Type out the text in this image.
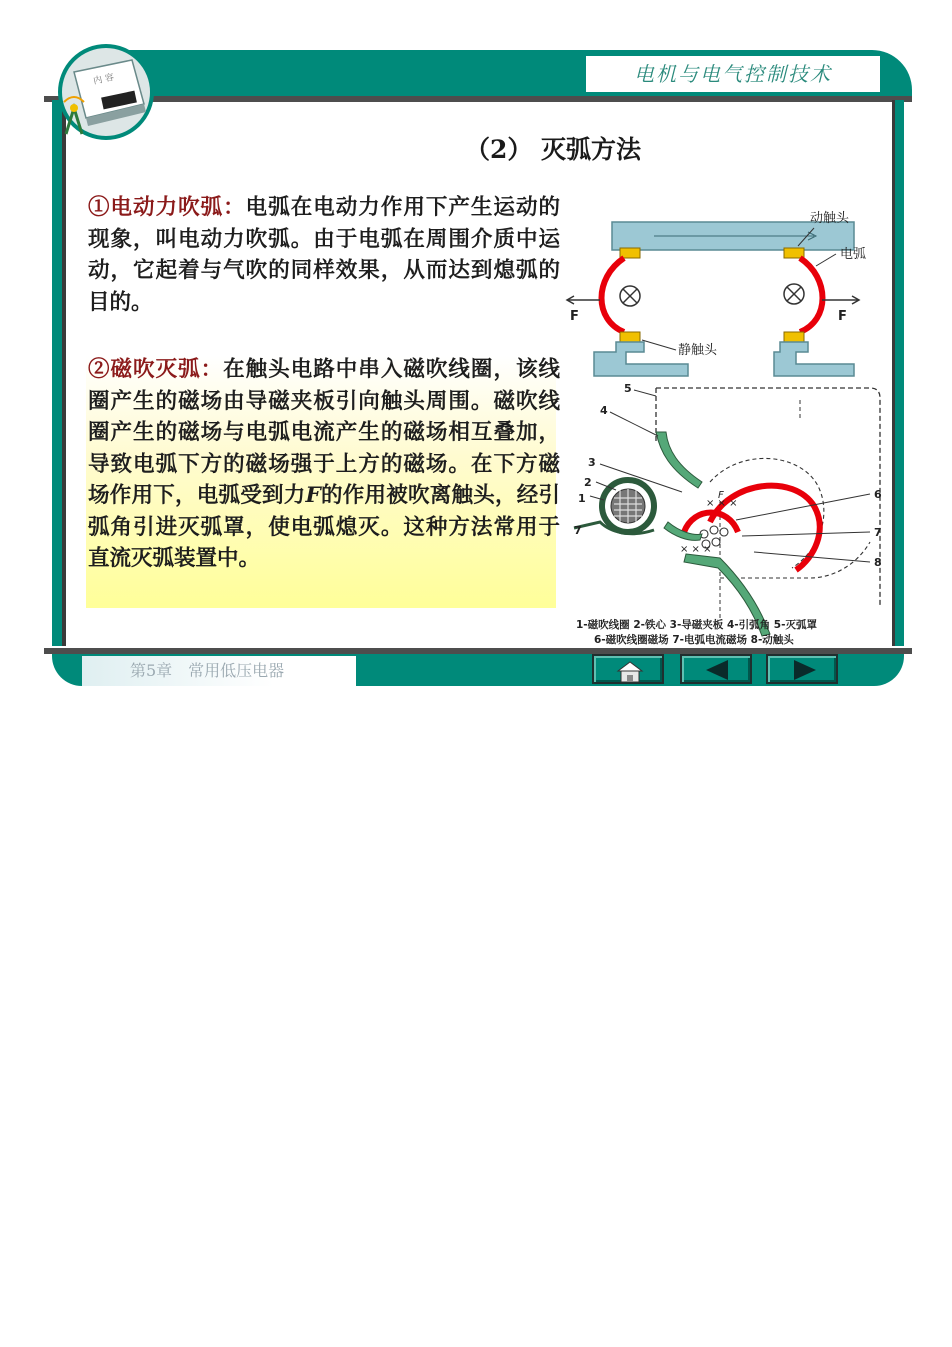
电机与电气控制技术
（2） 灭弧方法
①电动力吹弧：电弧在电动力作用下产生运动的现象，叫电动力吹弧。由于电弧在周围介质中运动，它起着与气吹的同样效果，从而达到熄弧的目的。
②磁吹灭弧：在触头电路中串入磁吹线圈，该线圈产生的磁场由导磁夹板引向触头周围。磁吹线圈产生的磁场与电弧电流产生的磁场相互叠加，导致电弧下方的磁场强于上方的磁场。在下方磁场作用下，电弧受到力F的作用被吹离触头，经引弧角引进灭弧罩，使电弧熄灭。这种方法常用于直流灭弧装置中。
F	F
动触头
电弧
静触头
× × ×
F
× × ×
1
2
3
4
5
6
7
8
7
1-磁吹线圈 2-铁心 3-导磁夹板 4-引弧角 5-灭弧罩
6-磁吹线圈磁场 7-电弧电流磁场 8-动触头
内 容
第5章　常用低压电器
